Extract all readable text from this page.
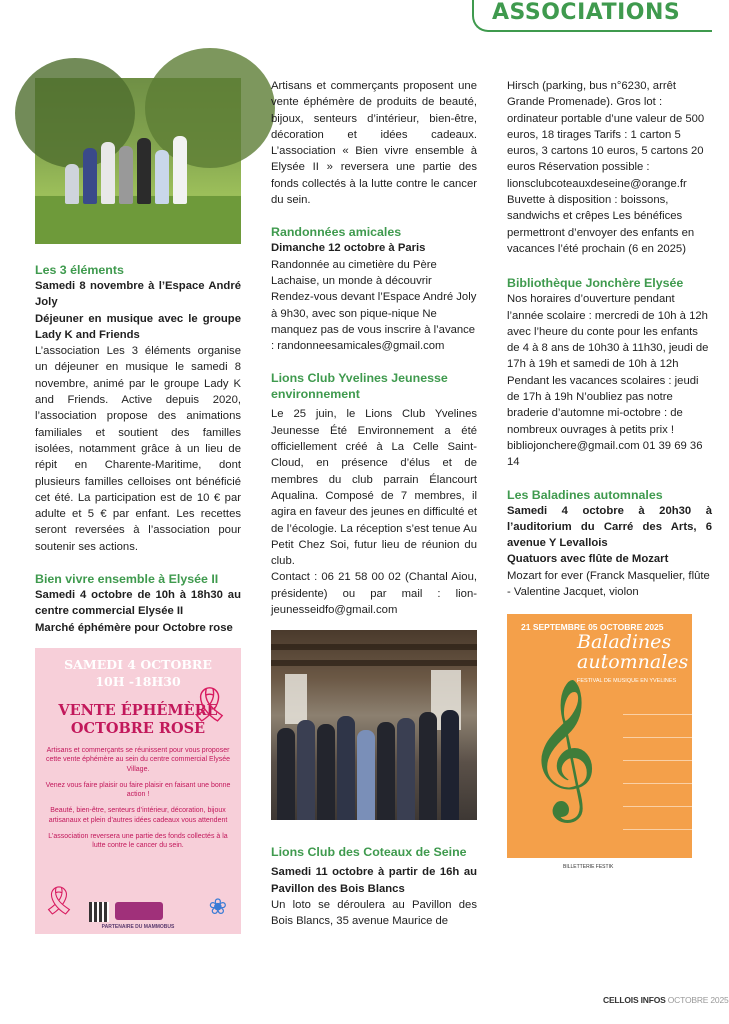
ASSOCIATIONS
Les 3 éléments

Samedi 8 novembre à l’Espace André Joly

Déjeuner en musique avec le groupe Lady K and Friends

L’association Les 3 éléments organise un déjeuner en musique le samedi 8 novembre, animé par le groupe Lady K and Friends. Active depuis 2020, l’association propose des animations familiales et soutient des familles isolées, notamment grâce à un lieu de répit en Charente-Maritime, dont plusieurs familles celloises ont bénéficié cet été. La participation est de 10 € par adulte et 5 € par enfant. Les recettes seront reversées à l’association pour soutenir ses actions.

Bien vivre ensemble à Elysée II

Samedi 4 octobre de 10h à 18h30 au centre commercial Elysée II

Marché éphémère pour Octobre rose

SAMEDI 4 OCTOBRE
10H -18H30
🎗
VENTE ÉPHÉMÈRE
OCTOBRE ROSE

Artisans et commerçants se réunissent pour vous proposer cette vente éphémère au sein du centre commercial Elysée Village.

Venez vous faire plaisir ou faire plaisir en faisant une bonne action !

Beauté, bien-être, senteurs d’intérieur, décoration, bijoux artisanaux et plein d’autres idées cadeaux vous attendent

L’association reversera une partie des fonds collectés à la lutte contre le cancer du sein.

🎗	❀
PARTENAIRE DU MAMMOBUS

Artisans et commerçants proposent une vente éphémère de produits de beauté, bijoux, senteurs d’intérieur, bien-être, décoration et idées cadeaux. L’association « Bien vivre ensemble à Elysée II » reversera une partie des fonds collectés à la lutte contre le cancer du sein.

Randonnées amicales

Dimanche 12 octobre à Paris

Randonnée au cimetière du Père Lachaise, un monde à découvrir Rendez-vous devant l’Espace André Joly à 9h30, avec son pique-nique Ne manquez pas de vous inscrire à l’avance : randonneesamicales@gmail.com

Lions Club Yvelines Jeunesse environnement

Le 25 juin, le Lions Club Yvelines Jeunesse Été Environnement a été officiellement créé à La Celle Saint-Cloud, en présence d’élus et de membres du club parrain Élancourt Aqualina. Composé de 7 membres, il agira en faveur des jeunes en difficulté et de l’écologie. La réception s’est tenue Au Petit Chez Soi, futur lieu de réunion du club.

Contact : 06 21 58 00 02 (Chantal Aiou, présidente) ou par mail : lion-jeunesseidfo@gmail.com

Lions Club des Coteaux de Seine

Samedi 11 octobre à partir de 16h au Pavillon des Bois Blancs

Un loto se déroulera au Pavillon des Bois Blancs, 35 avenue Maurice de

Hirsch (parking, bus n°6230, arrêt Grande Promenade). Gros lot : ordinateur portable d’une valeur de 500 euros, 18 tirages Tarifs : 1 carton 5 euros, 3 cartons 10 euros, 5 cartons 20 euros Réservation possible : lionsclubcoteauxdeseine@orange.fr Buvette à disposition : boissons, sandwichs et crêpes Les bénéfices permettront d’envoyer des enfants en vacances l’été prochain (6 en 2025)

Bibliothèque Jonchère Elysée

Nos horaires d’ouverture pendant l’année scolaire : mercredi de 10h à 12h avec l’heure du conte pour les enfants de 4 à 8 ans de 10h30 à 11h30, jeudi de 17h à 19h et samedi de 10h à 12h Pendant les vacances scolaires : jeudi de 17h à 19h N’oubliez pas notre braderie d’automne mi-octobre : de nombreux ouvrages à petits prix ! bibliojonchere@gmail.com 01 39 69 36 14

Les Baladines automnales

Samedi 4 octobre à 20h30 à l’auditorium du Carré des Arts, 6 avenue Y Levallois

Quatuors avec flûte de Mozart

Mozart for ever (Franck Masquelier, flûte - Valentine Jacquet, violon

21 SEPTEMBRE 05 OCTOBRE 2025
Baladines automnales
FESTIVAL DE MUSIQUE EN YVELINES
𝄞
BILLETTERIE FESTIK
CELLOIS INFOS OCTOBRE 2025
